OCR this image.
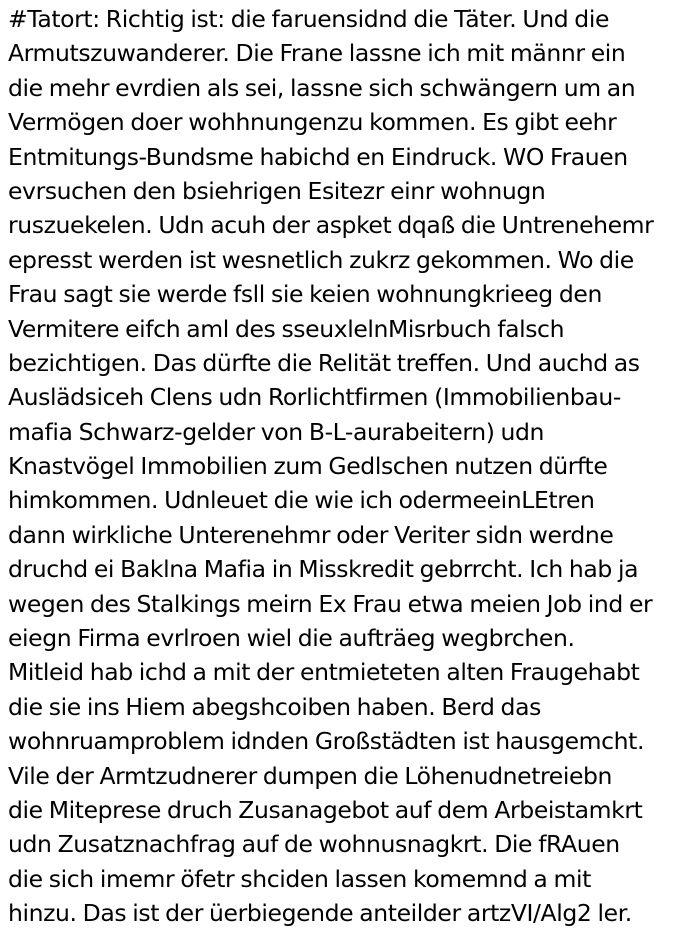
#Tatort: Richtig ist: die faruensidnd die Täter. Und die
Armutszuwanderer. Die Frane lassne ich mit männr ein
die mehr evrdien als sei, lassne sich schwängern um an
Vermögen doer wohhnungenzu kommen. Es gibt eehr
Entmitungs-Bundsme habichd en Eindruck. WO Frauen
evrsuchen den bsiehrigen Esitezr einr wohnugn
ruszuekelen. Udn acuh der aspket dqaß die Untrenehemr
epresst werden ist wesnetlich zukrz gekommen. Wo die
Frau sagt sie werde fsll sie keien wohnungkrieeg den
Vermitere eifch aml des sseuxlelnMisrbuch falsch
bezichtigen. Das dürfte die Relität treffen. Und auchd as
Auslädsiceh Clens udn Rorlichtfirmen (Immobilienbau-
mafia Schwarz-gelder von B-L-aurabeitern) udn
Knastvögel Immobilien zum Gedlschen nutzen dürfte
himkommen. Udnleuet die wie ich odermeeinLEtren
dann wirkliche Unterenehmr oder Veriter sidn werdne
druchd ei Baklna Mafia in Misskredit gebrrcht. Ich hab ja
wegen des Stalkings meirn Ex Frau etwa meien Job ind er
eiegn Firma evrlroen wiel die aufträeg wegbrchen.
Mitleid hab ichd a mit der entmieteten alten Fraugehabt
die sie ins Hiem abegshcoiben haben. Berd das
wohnruamproblem idnden Großstädten ist hausgemcht.
Vile der Armtzudnerer dumpen die Löhenudnetreiebn
die Miteprese druch Zusanagebot auf dem Arbeistamkrt
udn Zusatznachfrag auf de wohnusnagkrt. Die fRAuen
die sich imemr öfetr shciden lassen komemnd a mit
hinzu. Das ist der üerbiegende anteilder artzVI/Alg2 ler.
